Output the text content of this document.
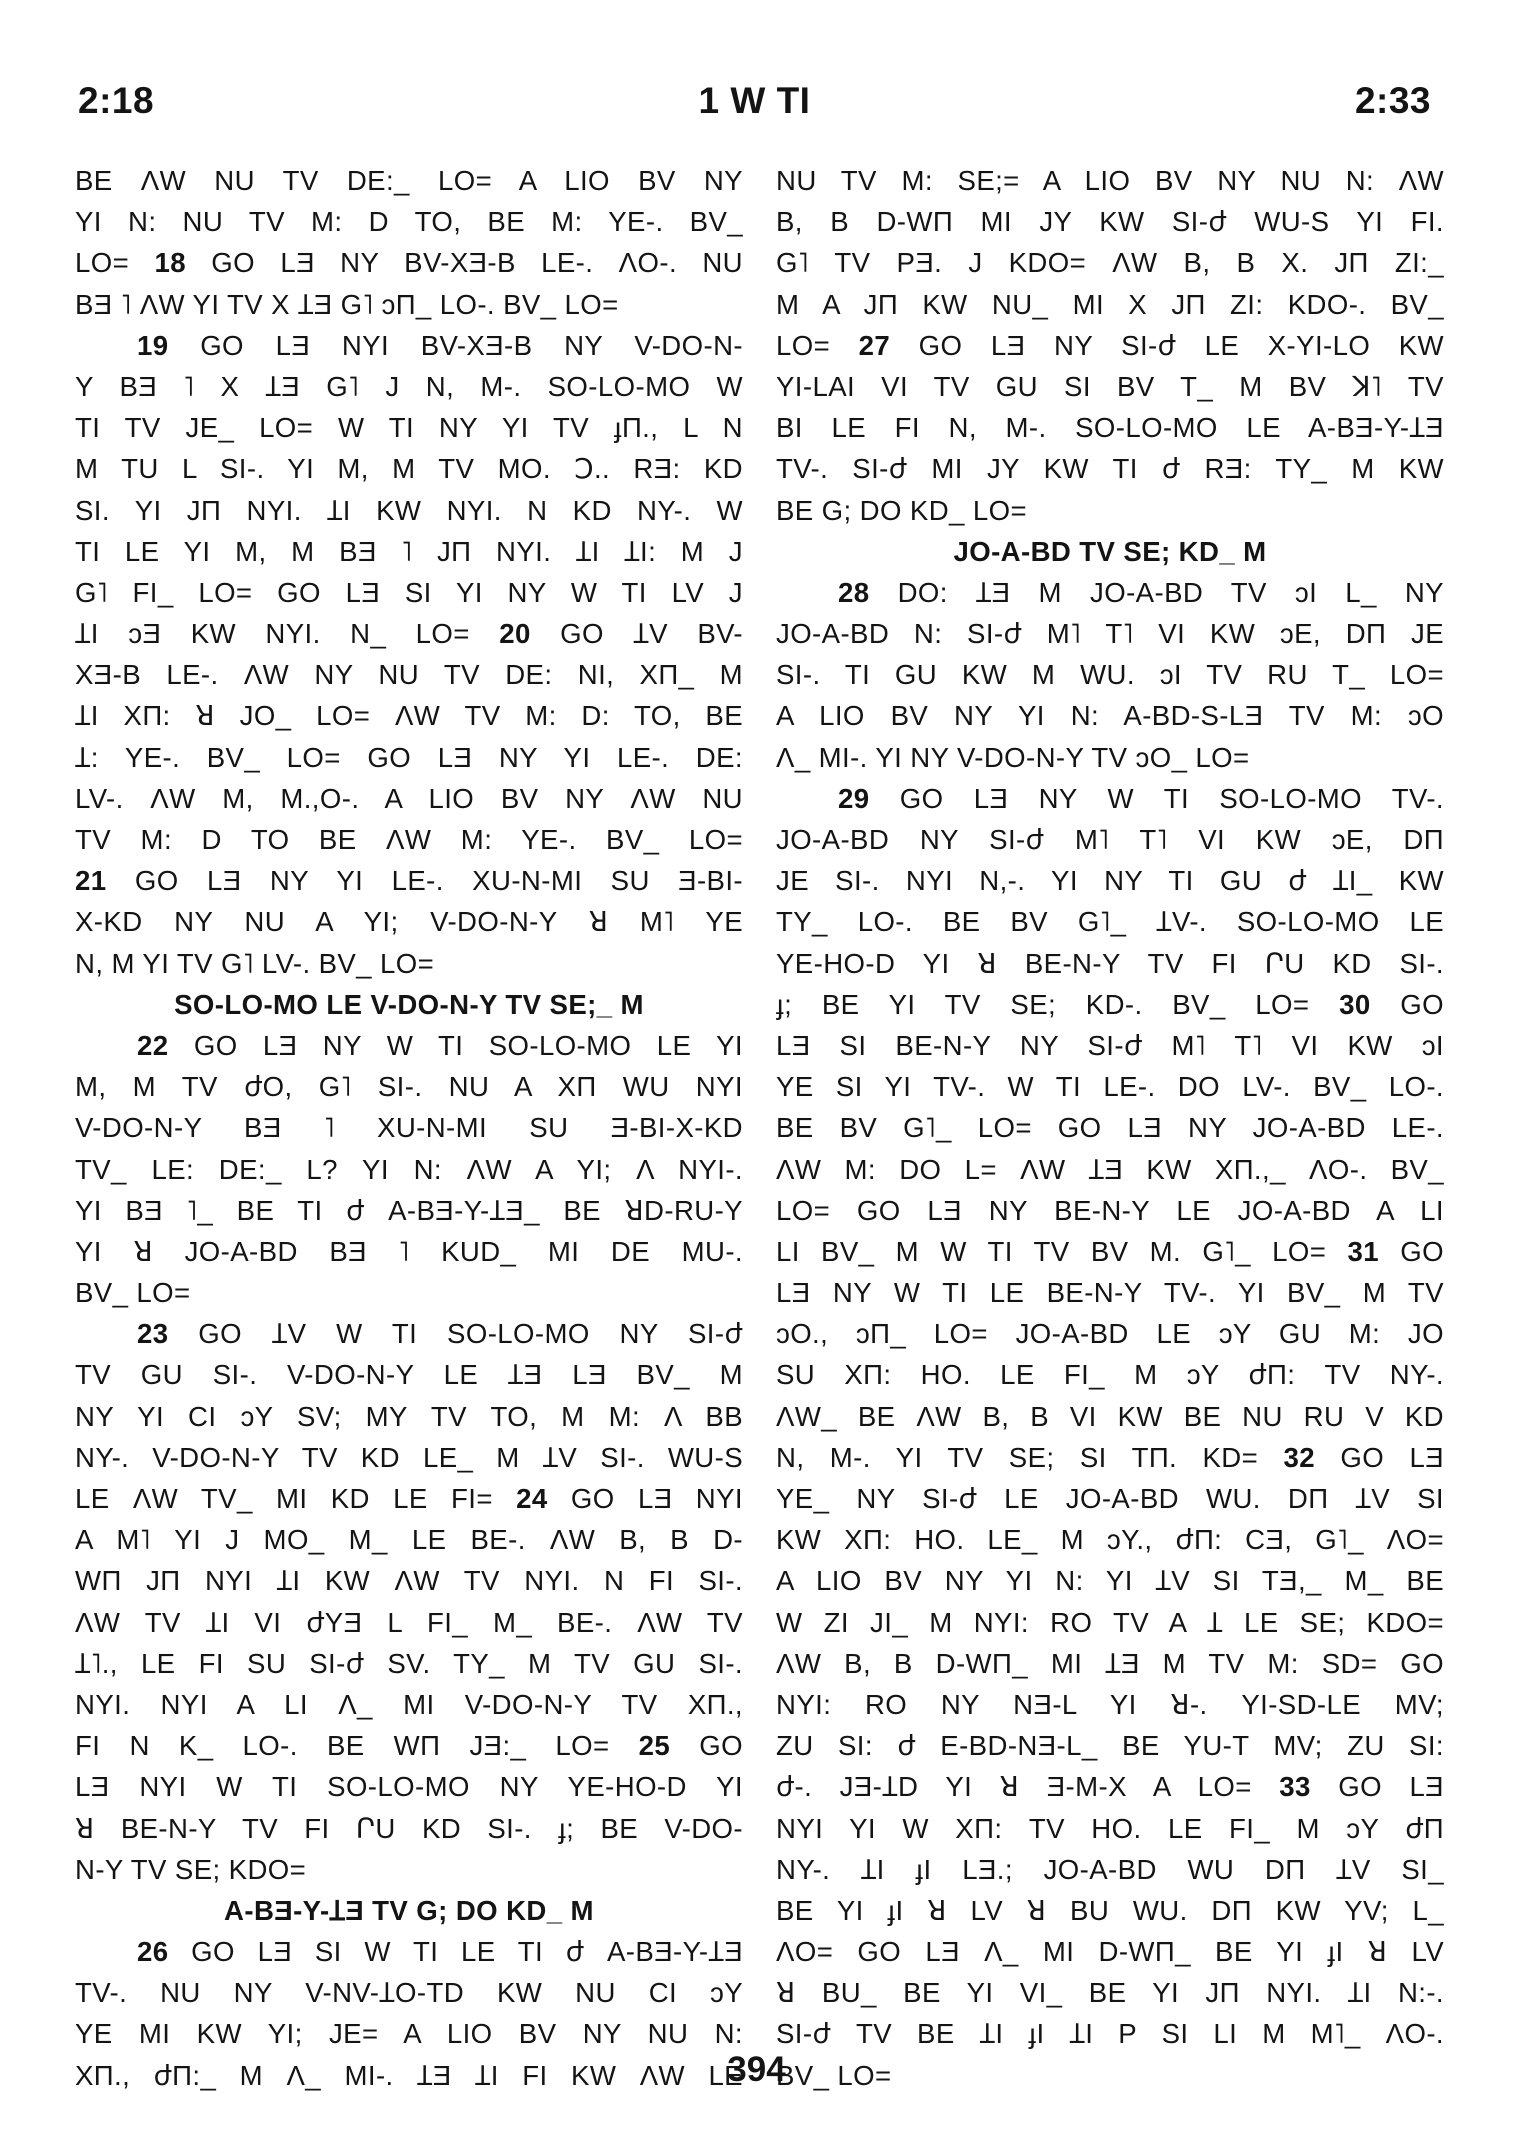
2:18	1 W TI	2:33
BE ΛW NU TV DE:_ LO= A LIO BV NY
YI N: NU TV M: D TO, BE M: YE-. BV_
LO= 18 GO LƎ NY BV-XƎ-B LE-. ΛO-. NU
BƎ ˥ ΛW YI TV X ꞱƎ G˥ ͻП_ LO-. BV_ LO=
19 GO LƎ NYI BV-XƎ-B NY V-DO-N-
Y BƎ ˥ X ꞱƎ G˥ J N, M-. SO-LO-MO W
TI TV JE_ LO= W TI NY YI TV ɟП., L N
M TU L SI-. YI M, M TV MO. Ↄ.. RƎ: KD
SI. YI JП NYI. ꞱI KW NYI. N KD NY-. W
TI LE YI M, M BƎ ˥ JП NYI. ꞱI ꞱI: M J
G˥ FI_ LO= GO LƎ SI YI NY W TI LV J
ꞱI ͻƎ KW NYI. N_ LO= 20 GO ꞱV BV-
XƎ-B LE-. ΛW NY NU TV DE: NI, XП_ M
ꞱI XП: ꓤ JO_ LO= ΛW TV M: D: TO, BE
Ʇ: YE-. BV_ LO= GO LƎ NY YI LE-. DE:
LV-. ΛW M, M.,O-. A LIO BV NY ΛW NU
TV M: D TO BE ΛW M: YE-. BV_ LO=
21 GO LƎ NY YI LE-. XU-N-MI SU Ǝ-BI-
X-KD NY NU A YI; V-DO-N-Y ꓤ M˥ YE
N, M YI TV G˥ LV-. BV_ LO=
SO-LO-MO LE V-DO-N-Y TV SE;_ M
22 GO LƎ NY W TI SO-LO-MO LE YI
M, M TV ժO, G˥ SI-. NU A XП WU NYI
V-DO-N-Y BƎ ˥ XU-N-MI SU Ǝ-BI-X-KD
TV_ LE: DE:_ L? YI N: ΛW A YI; Λ NYI-.
YI BƎ ˥_ BE TI ժ A-BƎ-Y-ꞱƎ_ BE ꓤD-RU-Y
YI ꓤ JO-A-BD BƎ ˥ KUD_ MI DE MU-.
BV_ LO=
23 GO ꞱV W TI SO-LO-MO NY SI-ժ
TV GU SI-. V-DO-N-Y LE ꞱƎ LƎ BV_ M
NY YI CI ͻY SV; MY TV TO, M M: Λ BB
NY-. V-DO-N-Y TV KD LE_ M ꞱV SI-. WU-S
LE ΛW TV_ MI KD LE FI= 24 GO LƎ NYI
A M˥ YI J MO_ M_ LE BE-. ΛW B, B D-
WП JП NYI ꞱI KW ΛW TV NYI. N FI SI-.
ΛW TV ꞱI VI ժYƎ L FI_ M_ BE-. ΛW TV
Ʇ˥., LE FI SU SI-ժ SV. TY_ M TV GU SI-.
NYI. NYI A LI Λ_ MI V-DO-N-Y TV XП.,
FI N K_ LO-. BE WП JƎ:_ LO= 25 GO
LƎ NYI W TI SO-LO-MO NY YE-HO-D YI
ꓤ BE-N-Y TV FI ՐU KD SI-. ɟ; BE V-DO-
N-Y TV SE; KDO=
A-BƎ-Y-ꞱƎ TV G; DO KD_ M
26 GO LƎ SI W TI LE TI ժ A-BƎ-Y-ꞱƎ
TV-. NU NY V-NV-ꞱO-TD KW NU CI ͻY
YE MI KW YI; JE= A LIO BV NY NU N:
XП., ժП:_ M Λ_ MI-. ꞱƎ ꞱI FI KW ΛW LE
NU TV M: SE;= A LIO BV NY NU N: ΛW
B, B D-WП MI JY KW SI-ժ WU-S YI FI.
G˥ TV PƎ. J KDO= ΛW B, B X. JП ZI:_
M A JП KW NU_ MI X JП ZI: KDO-. BV_
LO= 27 GO LƎ NY SI-ժ LE X-YI-LO KW
YI-LAI VI TV GU SI BV T_ M BV ꓘ˥ TV
BI LE FI N, M-. SO-LO-MO LE A-BƎ-Y-ꞱƎ
TV-. SI-ժ MI JY KW TI ժ RƎ: TY_ M KW
BE G; DO KD_ LO=
JO-A-BD TV SE; KD_ M
28 DO: ꞱƎ M JO-A-BD TV ͻI L_ NY
JO-A-BD N: SI-ժ M˥ T˥ VI KW ͻE, DП JE
SI-. TI GU KW M WU. ͻI TV RU T_ LO=
A LIO BV NY YI N: A-BD-S-LƎ TV M: ͻO
Λ_ MI-. YI NY V-DO-N-Y TV ͻO_ LO=
29 GO LƎ NY W TI SO-LO-MO TV-.
JO-A-BD NY SI-ժ M˥ T˥ VI KW ͻE, DП
JE SI-. NYI N,-. YI NY TI GU ժ ꞱI_ KW
TY_ LO-. BE BV G˥_ ꞱV-. SO-LO-MO LE
YE-HO-D YI ꓤ BE-N-Y TV FI ՐU KD SI-.
ɟ; BE YI TV SE; KD-. BV_ LO= 30 GO
LƎ SI BE-N-Y NY SI-ժ M˥ T˥ VI KW ͻI
YE SI YI TV-. W TI LE-. DO LV-. BV_ LO-.
BE BV G˥_ LO= GO LƎ NY JO-A-BD LE-.
ΛW M: DO L= ΛW ꞱƎ KW XП.,_ ΛO-. BV_
LO= GO LƎ NY BE-N-Y LE JO-A-BD A LI
LI BV_ M W TI TV BV M. G˥_ LO= 31 GO
LƎ NY W TI LE BE-N-Y TV-. YI BV_ M TV
ͻO., ͻП_ LO= JO-A-BD LE ͻY GU M: JO
SU XП: HO. LE FI_ M ͻY ժП: TV NY-.
ΛW_ BE ΛW B, B VI KW BE NU RU V KD
N, M-. YI TV SE; SI TП. KD= 32 GO LƎ
YE_ NY SI-ժ LE JO-A-BD WU. DП ꞱV SI
KW XП: HO. LE_ M ͻY., ժП: CƎ, G˥_ ΛO=
A LIO BV NY YI N: YI ꞱV SI TƎ,_ M_ BE
W ZI JI_ M NYI: RO TV A Ʇ LE SE; KDO=
ΛW B, B D-WП_ MI ꞱƎ M TV M: SD= GO
NYI: RO NY NƎ-L YI ꓤ-. YI-SD-LE MV;
ZU SI: ժ E-BD-NƎ-L_ BE YU-T MV; ZU SI:
ժ-. JƎ-ꞱD YI ꓤ Ǝ-M-X A LO= 33 GO LƎ
NYI YI W XП: TV HO. LE FI_ M ͻY ժП
NY-. ꞱI ɟI LƎ.; JO-A-BD WU DП ꞱV SI_
BE YI ɟI ꓤ LV ꓤ BU WU. DП KW YV; L_
ΛO= GO LƎ Λ_ MI D-WП_ BE YI ɟI ꓤ LV
ꓤ BU_ BE YI VI_ BE YI JП NYI. ꞱI N:-.
SI-ժ TV BE ꞱI ɟI ꞱI P SI LI M M˥_ ΛO-.
BV_ LO=
394
